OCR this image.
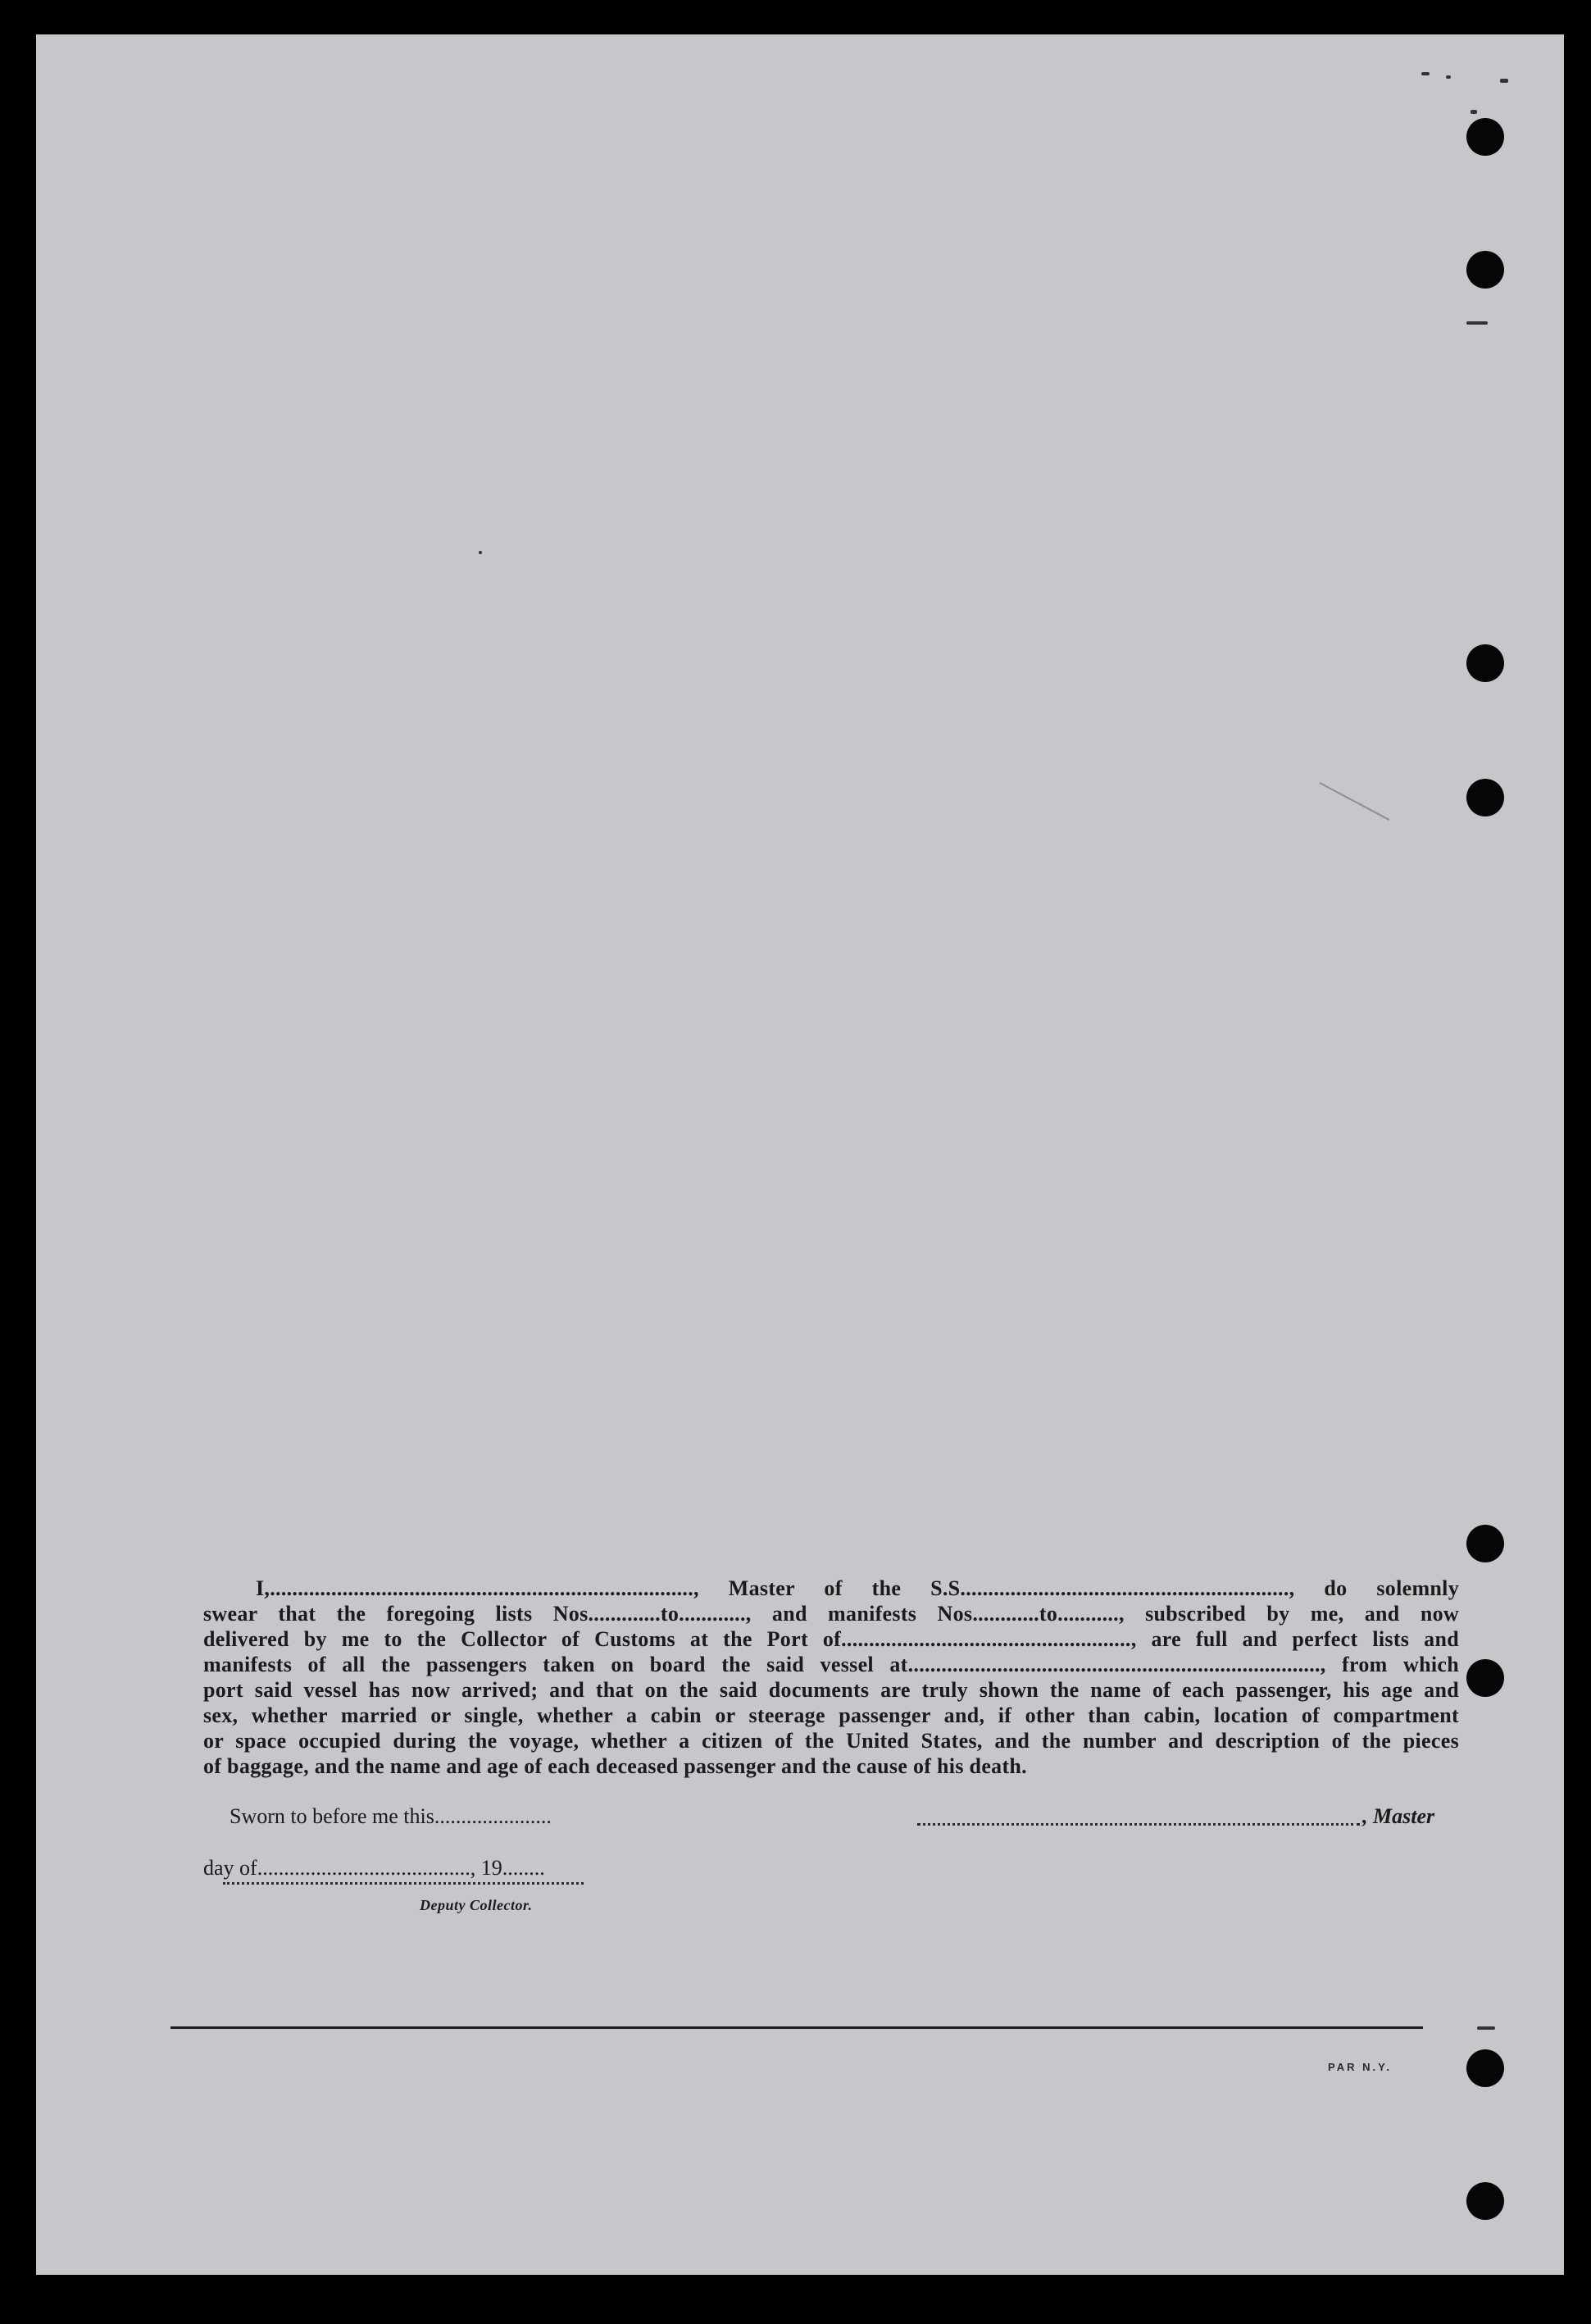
I,............................................................................, Master of the S.S..........................................................., do solemnly
swear that the foregoing lists Nos.............to............, and manifests Nos............to..........., subscribed by me, and now
delivered by me to the Collector of Customs at the Port of...................................................., are full and perfect lists and
manifests of all the passengers taken on board the said vessel at.........................................................................., from which
port said vessel has now arrived; and that on the said documents are truly shown the name of each passenger, his age and
sex, whether married or single, whether a cabin or steerage passenger and, if other than cabin, location of compartment
or space occupied during the voyage, whether a citizen of the United States, and the number and description of the pieces
of baggage, and the name and age of each deceased passenger and the cause of his death.
Sworn to before me this......................	, Master
day of........................................, 19........
Deputy Collector.
PAR N.Y.
